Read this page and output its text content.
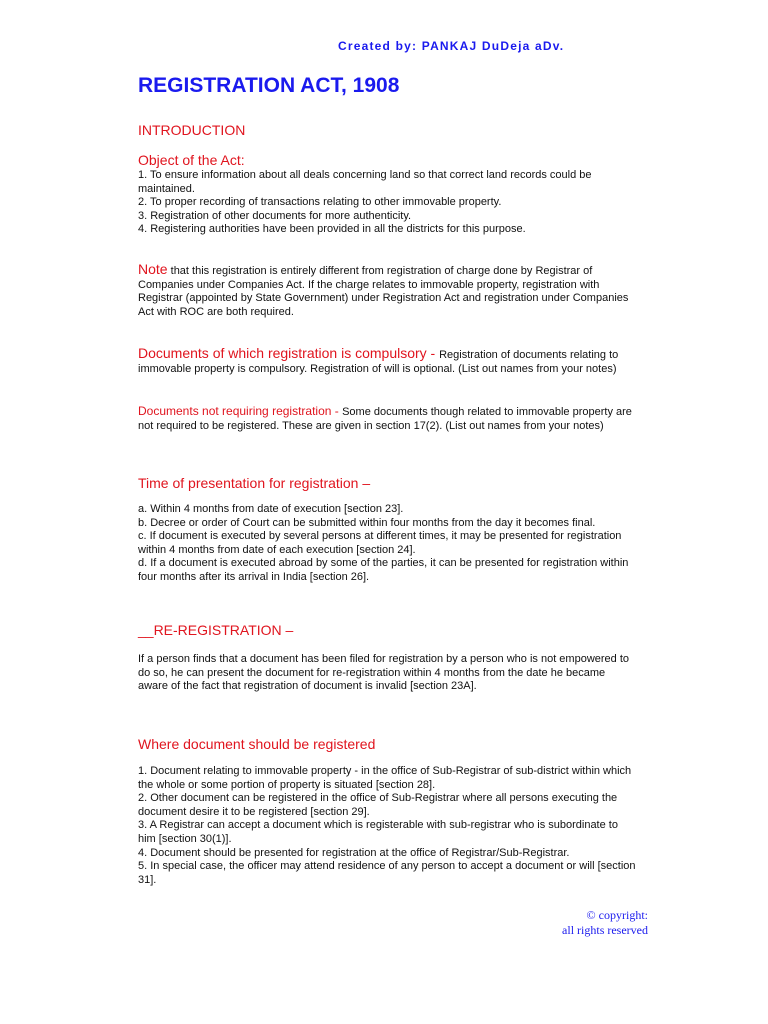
Created by: PANKAJ DuDeja aDv.
REGISTRATION ACT, 1908
INTRODUCTION
Object of the Act:

1. To ensure information about all deals concerning land so that correct land records could be maintained.

2. To proper recording of transactions relating to other immovable property.

3. Registration of other documents for more authenticity.

4. Registering authorities have been provided in all the districts for this purpose.

Note that this registration is entirely different from registration of charge done by Registrar of Companies under Companies Act. If the charge relates to immovable property, registration with Registrar (appointed by State Government) under Registration Act and registration under Companies Act with ROC are both required.

Documents of which registration is compulsory - Registration of documents relating to immovable property is compulsory. Registration of will is optional. (List out names from your notes)

Documents not requiring registration - Some documents though related to immovable property are not required to be registered. These are given in section 17(2). (List out names from your notes)

Time of presentation for registration –

a. Within 4 months from date of execution [section 23].

b. Decree or order of Court can be submitted within four months from the day it becomes final.

c. If document is executed by several persons at different times, it may be presented for registration within 4 months from date of each execution [section 24].

d. If a document is executed abroad by some of the parties, it can be presented for registration within four months after its arrival in India [section 26].

__RE-REGISTRATION –

If a person finds that a document has been filed for registration by a person who is not empowered to do so, he can present the document for re-registration within 4 months from the date he became aware of the fact that registration of document is invalid [section 23A].

Where document should be registered

1. Document relating to immovable property - in the office of Sub-Registrar of sub-district within which the whole or some portion of property is situated [section 28].

2. Other document can be registered in the office of Sub-Registrar where all persons executing the document desire it to be registered [section 29].

3. A Registrar can accept a document which is registerable with sub-registrar who is subordinate to him [section 30(1)].

4. Document should be presented for registration at the office of Registrar/Sub-Registrar.

5. In special case, the officer may attend residence of any person to accept a document or will [section 31].

© copyright:
all rights reserved
